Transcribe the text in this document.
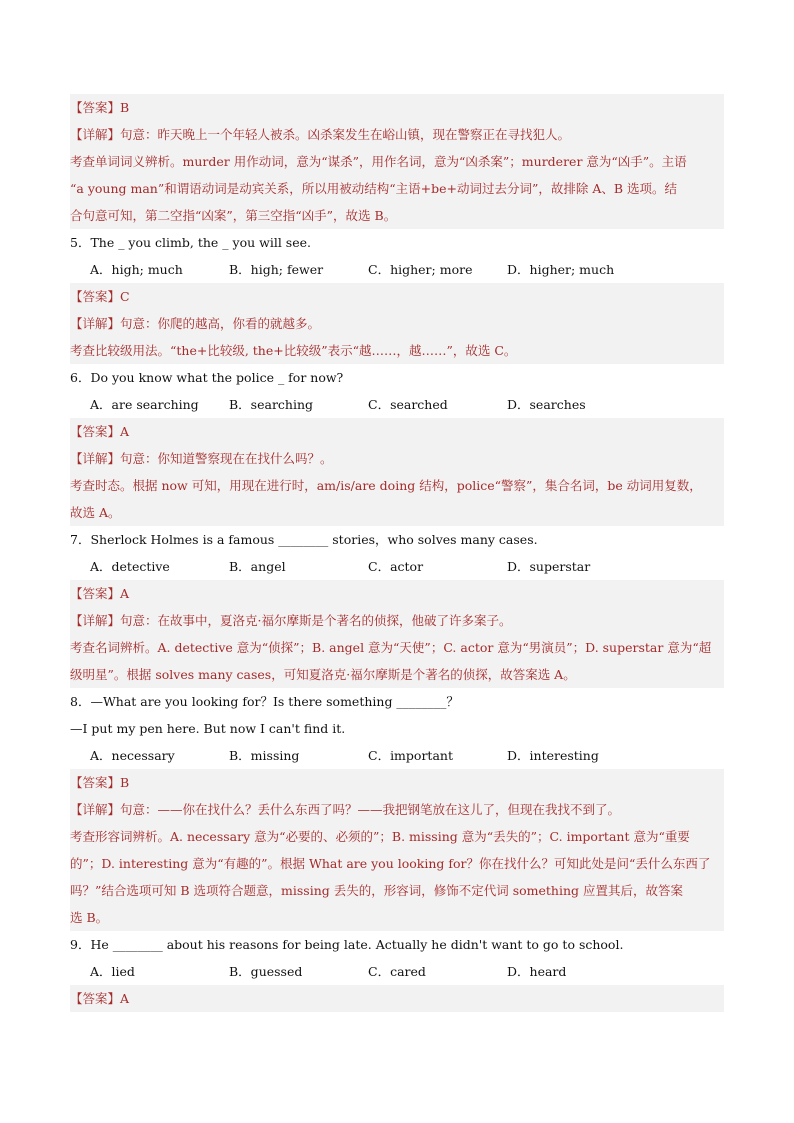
【答案】B
【详解】句意：昨天晚上一个年轻人被杀。凶杀案发生在峪山镇，现在警察正在寻找犯人。
考查单词词义辨析。murder 用作动词，意为“谋杀”，用作名词，意为“凶杀案”；murderer 意为“凶手”。主语
“a young man”和谓语动词是动宾关系，所以用被动结构“主语+be+动词过去分词”，故排除 A、B 选项。结
合句意可知，第二空指“凶案”，第三空指“凶手”，故选 B。
5．The _ you climb, the _ you will see.
A．high; much	B．high; fewer	C．higher; more	D．higher; much
【答案】C
【详解】句意：你爬的越高，你看的就越多。
考查比较级用法。“the+比较级, the+比较级”表示“越……，越……”，故选 C。
6．Do you know what the police _ for now?
A．are searching	B．searching	C．searched	D．searches
【答案】A
【详解】句意：你知道警察现在在找什么吗？。
考查时态。根据 now 可知，用现在进行时，am/is/are doing 结构，police“警察”，集合名词，be 动词用复数，
故选 A。
7．Sherlock Holmes is a famous ________ stories，who solves many cases.
A．detective	B．angel	C．actor	D．superstar
【答案】A
【详解】句意：在故事中，夏洛克·福尔摩斯是个著名的侦探，他破了许多案子。
考查名词辨析。A. detective 意为“侦探”；B. angel 意为“天使”；C. actor 意为“男演员”；D. superstar 意为“超
级明星”。根据 solves many cases，可知夏洛克·福尔摩斯是个著名的侦探，故答案选 A。
8．—What are you looking for？Is there something ________？
—I put my pen here. But now I can't find it.
A．necessary	B．missing	C．important	D．interesting
【答案】B
【详解】句意：——你在找什么？丢什么东西了吗？——我把钢笔放在这儿了，但现在我找不到了。
考查形容词辨析。A. necessary 意为“必要的、必须的”；B. missing 意为“丢失的”；C. important 意为“重要
的”；D. interesting 意为“有趣的”。根据 What are you looking for？你在找什么？可知此处是问“丢什么东西了
吗？”结合选项可知 B 选项符合题意，missing 丢失的，形容词，修饰不定代词 something 应置其后，故答案
选 B。
9．He ________ about his reasons for being late. Actually he didn't want to go to school.
A．lied	B．guessed	C．cared	D．heard
【答案】A
